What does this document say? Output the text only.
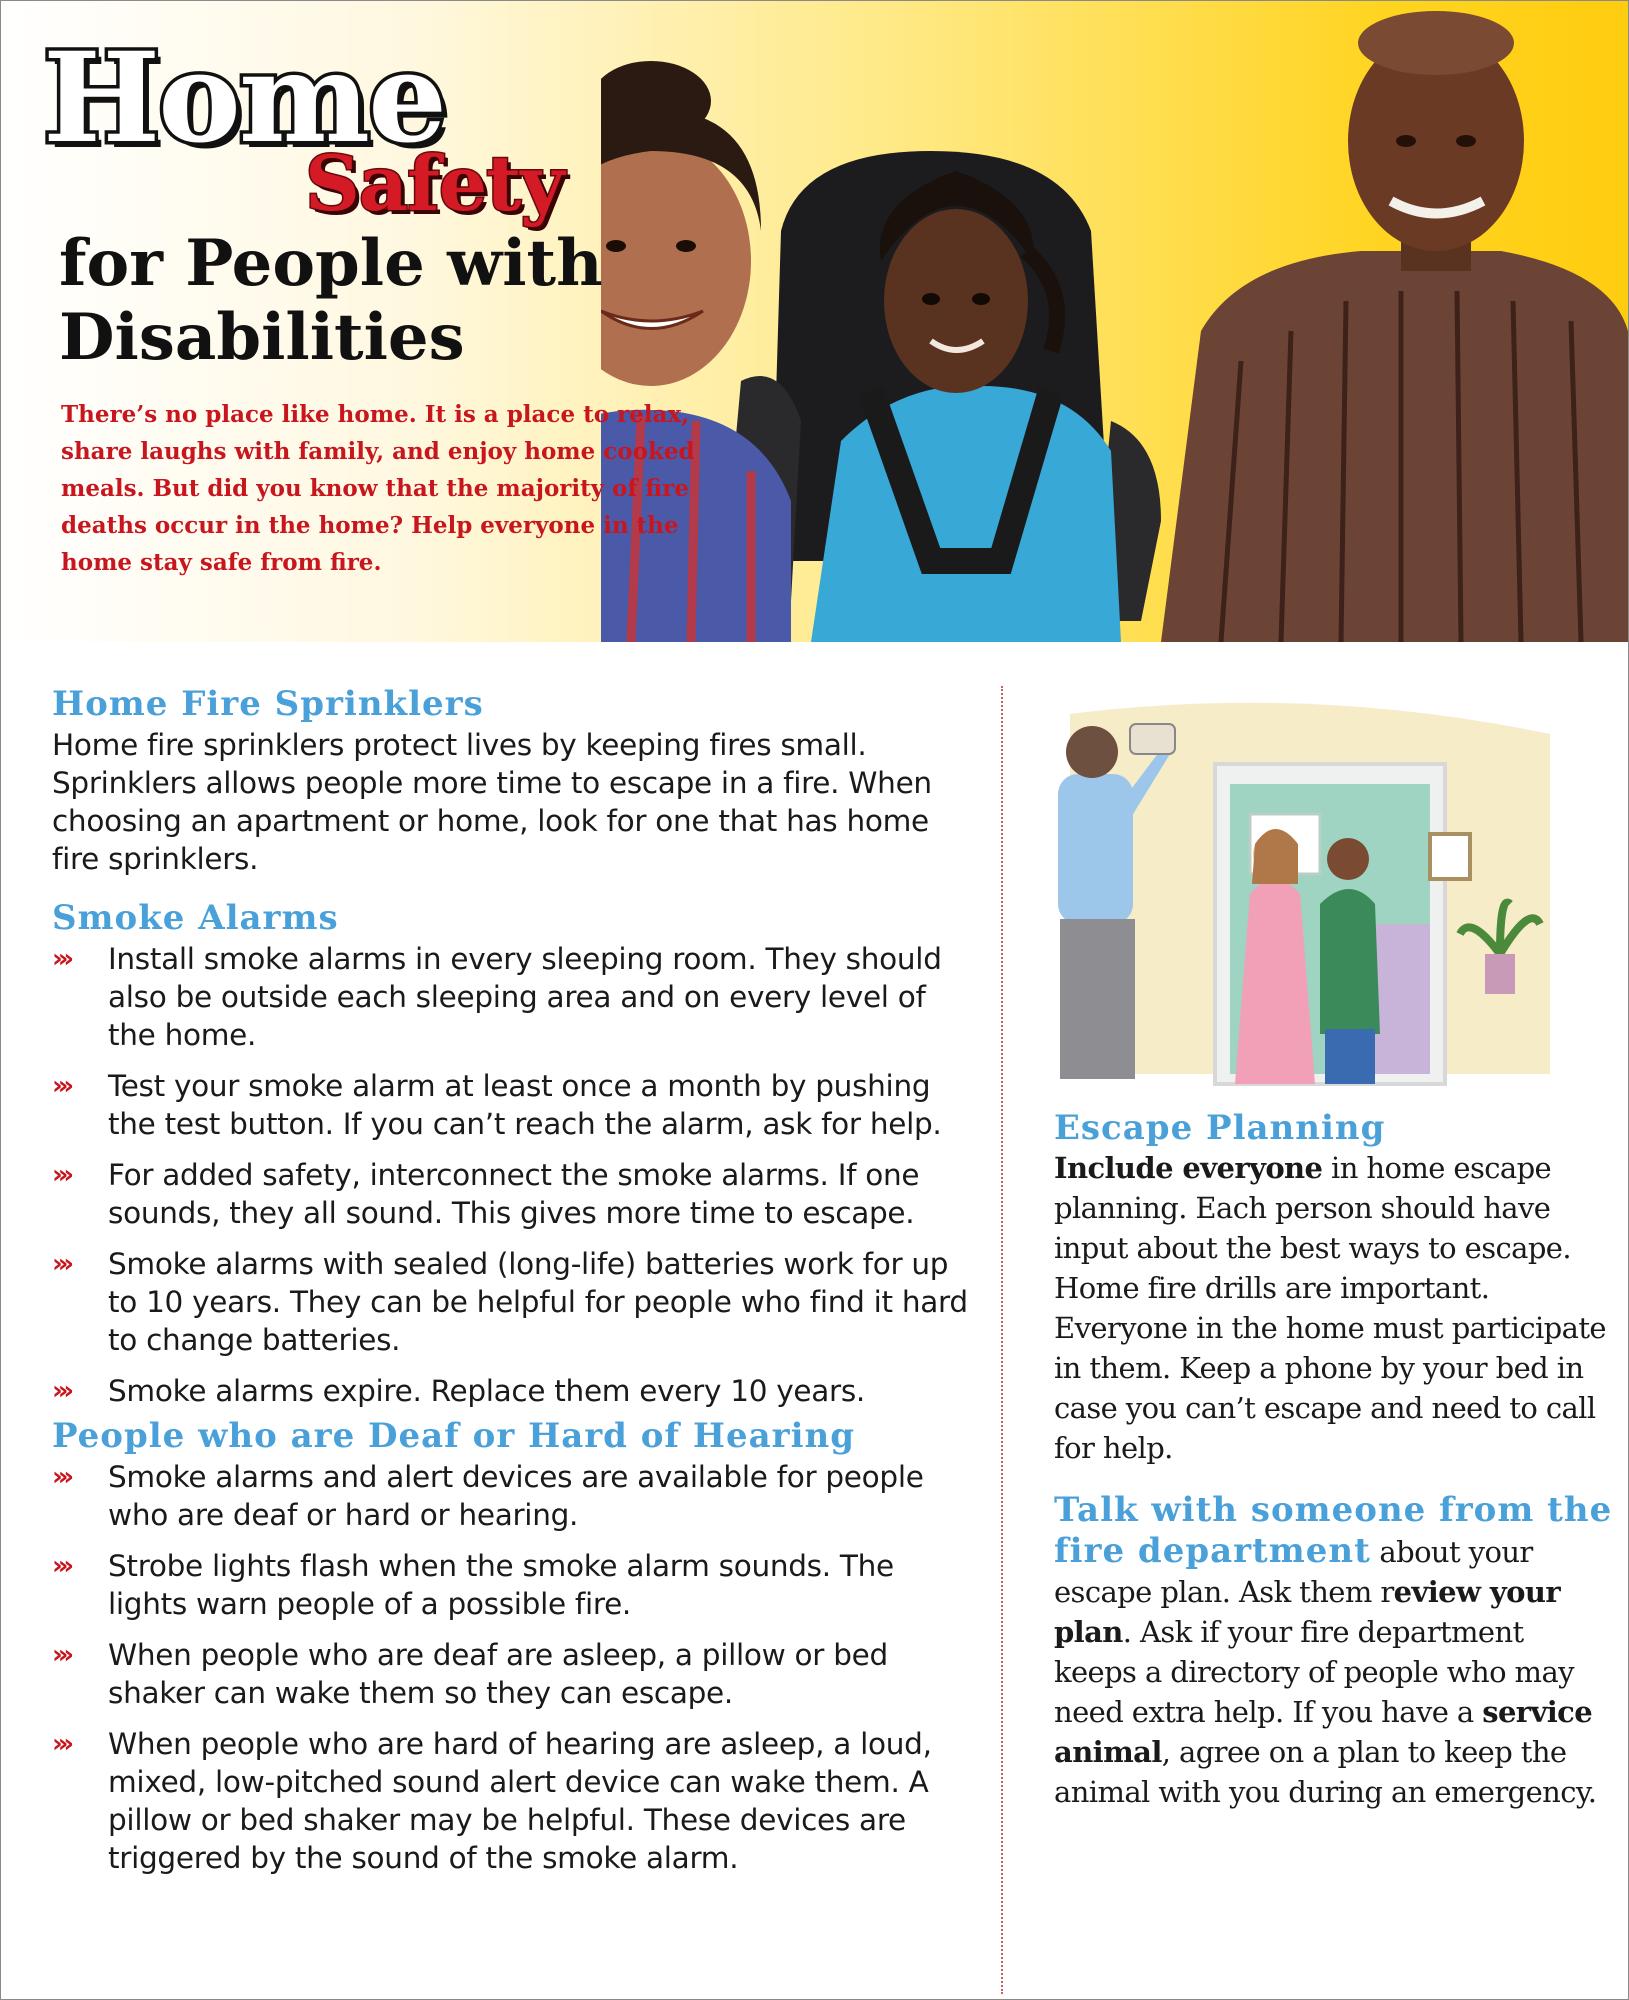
Home
Safety
for People with Disabilities

There’s no place like home. It is a place to relax, share laughs with family, and enjoy home cooked meals. But did you know that the majority of fire deaths occur in the home? Help everyone in the home stay safe from fire.

Home Fire Sprinklers

Home fire sprinklers protect lives by keeping fires small. Sprinklers allows people more time to escape in a fire. When choosing an apartment or home, look for one that has home fire sprinklers.

Smoke Alarms
››› Install smoke alarms in every sleeping room. They should also be outside each sleeping area and on every level of the home.
››› Test your smoke alarm at least once a month by pushing the test button. If you can’t reach the alarm, ask for help.
››› For added safety, interconnect the smoke alarms. If one sounds, they all sound. This gives more time to escape.
››› Smoke alarms with sealed (long-life) batteries work for up to 10 years. They can be helpful for people who find it hard to change batteries.
››› Smoke alarms expire. Replace them every 10 years.
People who are Deaf or Hard of Hearing
››› Smoke alarms and alert devices are available for people who are deaf or hard or hearing.
››› Strobe lights flash when the smoke alarm sounds. The lights warn people of a possible fire.
››› When people who are deaf are asleep, a pillow or bed shaker can wake them so they can escape.
››› When people who are hard of hearing are asleep, a loud, mixed, low-pitched sound alert device can wake them. A pillow or bed shaker may be helpful. These devices are triggered by the sound of the smoke alarm.
Escape Planning

Include everyone in home escape planning. Each person should have input about the best ways to escape. Home fire drills are important. Everyone in the home must participate in them. Keep a phone by your bed in case you can’t escape and need to call for help.

Talk with someone from the fire department about your escape plan. Ask them review your plan. Ask if your fire department keeps a directory of people who may need extra help. If you have a service animal, agree on a plan to keep the animal with you during an emergency.
